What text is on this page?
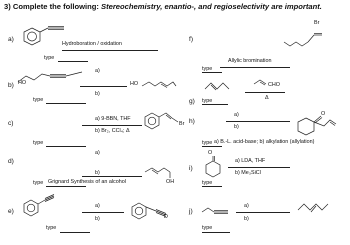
3) Complete the following: Stereochemistry, enantio-, and regioselectivity are important.
a)
Hydroboration / oxidation
type
b) HO
a)
b)
HO
type
c)
a) 9-BBN, THF
b) Br₂, CCl₄; Δ
Br
type
d)
a)
b)
OH
type Grignard Synthesis of an alcohol
e)
a)
b)	D
type
f)
Br
Allylic bromination
type
g)
CHO
Δ
type
h)
a)
b)
O
type a) B.-L. acid-base; b) alkylation (allylation)
i)
O
a) LDA, THF
b) Me₃SiCl
type
j)
a)
b)
type
